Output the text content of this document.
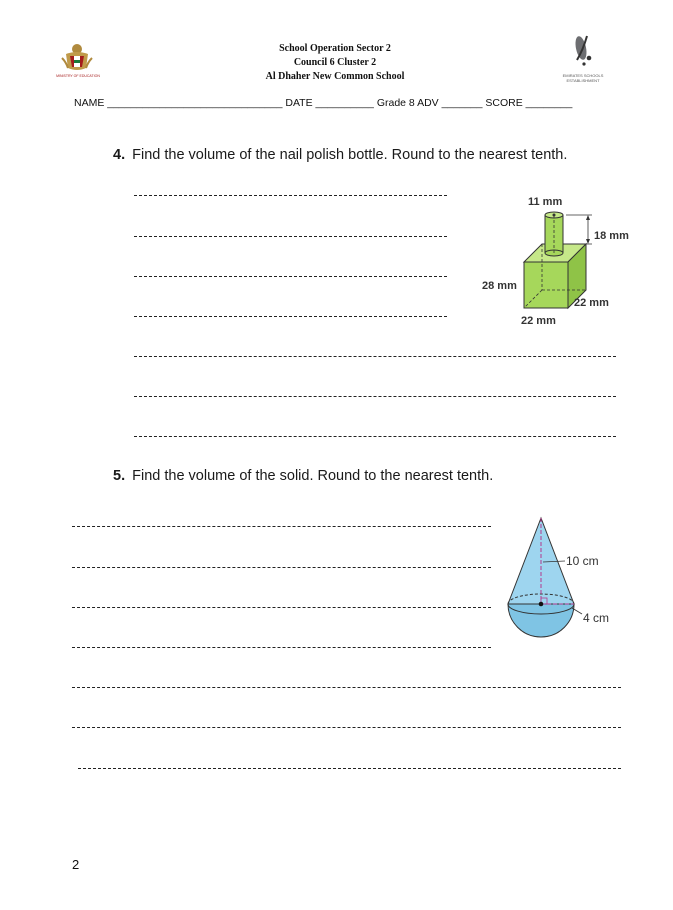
MINISTRY OF EDUCATION	EMIRATES SCHOOLS ESTABLISHMENT
School Operation Sector 2
Council 6 Cluster 2
Al Dhaher New Common School
NAME ______________________________ DATE __________ Grade 8 ADV _______ SCORE ________
4. Find the volume of the nail polish bottle. Round to the nearest tenth.
18 mm
11 mm
28 mm
22 mm
22 mm
5. Find the volume of the solid. Round to the nearest tenth.
10 cm
4 cm
2
